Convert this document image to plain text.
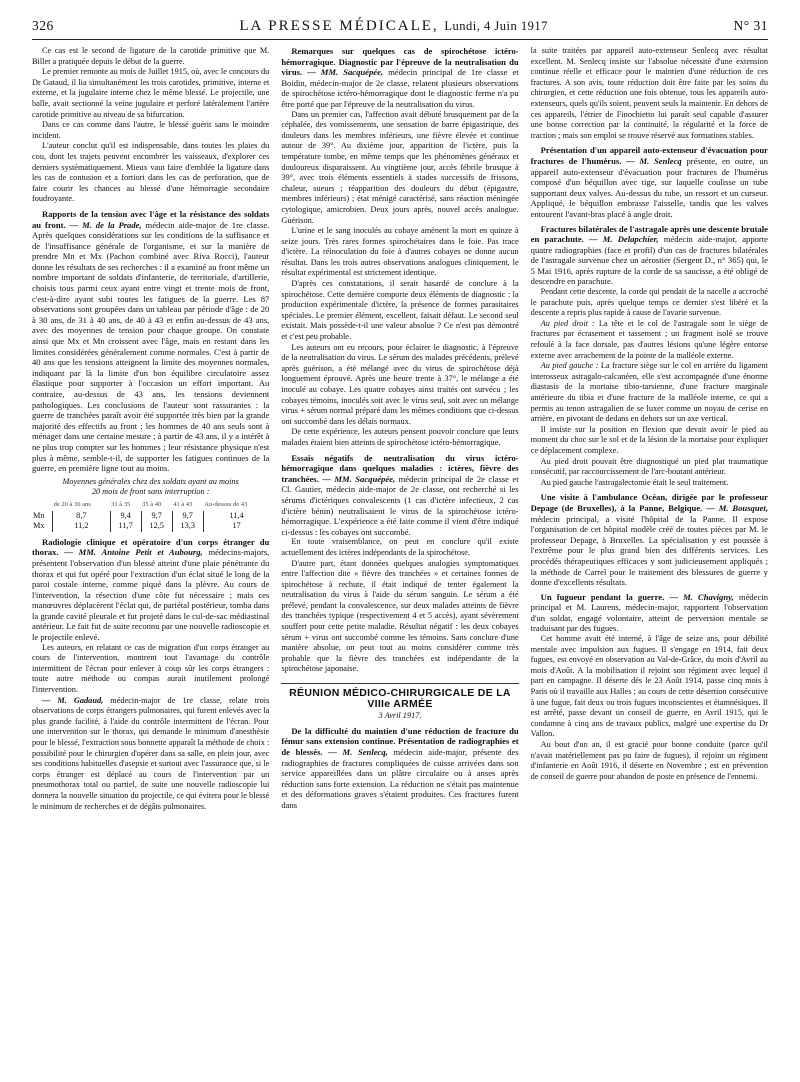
326	LA PRESSE MÉDICALE, Lundi, 4 Juin 1917	N° 31

Ce cas est le second de ligature de la carotide primitive que M. Billet a pratiquée depuis le début de la guerre.

Le premier remonte au mois de Juillet 1915, où, avec le concours du Dr Gataud, il lia simultanément les trois carotides, primitive, interne et externe, et la jugulaire interne chez le même blessé. Le projectile, une balle, avait sectionné la veine jugulaire et perforé latéralement l'artère carotide primitive au niveau de sa bifurcation.

Dans ce cas comme dans l'autre, le blessé guérit sans le moindre incident.

L'auteur conclut qu'il est indispensable, dans toutes les plaies du cou, dont les trajets peuvent encombrer les vaisseaux, d'explorer ces derniers systématiquement. Mieux vaut faire d'emblée la ligature dans les cas de contusion et a fortiori dans les cas de perforation, que de faire courir les chances au blessé d'une hémorragie secondaire foudroyante.

Rapports de la tension avec l'âge et la résistance des soldats au front. — M. de la Prade, médecin aide-major de 1re classe. Après quelques considérations sur les conditions de la suffisance et de l'insuffisance générale de l'organisme, et sur la manière de prendre Mn et Mx (Pachon combiné avec Riva Rocci), l'auteur donne les résultats de ses recherches : il a examiné au front même un nombre important de soldats d'infanterie, de territoriale, d'artillerie, choisis tous parmi ceux ayant entre vingt et trente mois de front, c'est-à-dire ayant subi toutes les fatigues de la guerre. Les 87 observations sont groupées dans un tableau par période d'âge : de 20 à 30 ans, de 31 à 40 ans, de 40 à 43 et enfin au-dessus de 43 ans, avec des moyennes de tension pour chaque groupe. On constate ainsi que Mx et Mn croissent avec l'âge, mais en restant dans les limites considérées généralement comme normales. C'est à partir de 40 ans que les tensions atteignent la limite des moyennes normales, indiquant par là la limite d'un bon équilibre circulatoire assez élastique pour supporter à l'occasion un effort important. Au contraire, au-dessus de 43 ans, les tensions deviennent pathologiques. Les conclusions de l'auteur sont rassurantes : la guerre de tranchées paraît avoir été supportée très bien par la grande majorité des effectifs au front ; les hommes de 40 ans seuls sont à ménager dans une certaine mesure ; à partir de 43 ans, il y a intérêt à ne plus trop compter sur les hommes ; leur résistance physique n'est plus à même, semble-t-il, de supporter les fatigues continues de la guerre, en première ligne tout au moins.
Moyennes générales chez des soldats ayant au moins
20 mois de front sans interruption :
	de 20 à 30 ans	31 à 35	35 à 40	41 à 43	Au-dessus de 43
Mn	8,7	9,4	9,7	9,7	11,4
Mx	11,2	11,7	12,5	13,3	17
Radiologie clinique et opératoire d'un corps étranger du thorax. — MM. Antoine Petit et Aubourg, médecins-majors, présentent l'observation d'un blessé atteint d'une plaie pénétrante du thorax et qui fut opéré pour l'extraction d'un éclat situé le long de la paroi costale interne, comme piqué dans la plèvre. Au cours de l'intervention, la résection d'une côte fut nécessaire ; mais ces manœuvres déplacèrent l'éclat qui, de pariétal postérieur, tomba dans la grande cavité pleurale et fut projeté dans le cul-de-sac médiastinal antérieur. Le fait fut de suite reconnu par une nouvelle radioscopie et le projectile enlevé.

Les auteurs, en relatant ce cas de migration d'un corps étranger au cours de l'intervention, montrent tout l'avantage du contrôle intermittent de l'écran pour enlever à coup sûr les corps étrangers : toute autre méthode ou compas aurait inutilement prolongé l'intervention.

— M. Gadaud, médecin-major de 1re classe, relate trois observations de corps étrangers pulmonaires, qui furent enlevés avec la plus grande facilité, à l'aide du contrôle intermittent de l'écran. Pour une intervention sur le thorax, qui demande le minimum d'anesthésie pour le blessé, l'extraction sous bonnette apparaît la méthode de choix : possibilité pour le chirurgien d'opérer dans sa salle, en plein jour, avec ses conditions habituelles d'asepsie et surtout avec l'assurance que, si le corps étranger est déplacé au cours de l'intervention par un pneumothorax total ou partiel, de suite une nouvelle radioscopie lui donnera la nouvelle situation du projectile, ce qui évitera pour le blessé le minimum de recherches et de dégâts pulmonaires.

Remarques sur quelques cas de spirochétose ictéro-hémorragique. Diagnostic par l'épreuve de la neutralisation du virus. — MM. Sacquépée, médecin principal de 1re classe et Boidin, médecin-major de 2e classe, relatent plusieurs observations de spirochétose ictéro-hémorragique dont le diagnostic ferme n'a pu être porté que par l'épreuve de la neutralisation du virus.

Dans un premier cas, l'affection avait débuté brusquement par de la céphalée, des vomissements, une sensation de barre épigastrique, des douleurs dans les membres inférieurs, une fièvre élevée et continue autour de 39°. Au dixième jour, apparition de l'ictère, puis la température tombe, en même temps que les phénomènes généraux et douloureux disparaissent. Au vingtième jour, accès fébrile brusque à 39°, avec trois éléments essentiels à stades successifs de frissons, chaleur, sueurs ; réapparition des douleurs du début (épigastre, membres inférieurs) ; état ménigé caractérisé, sans réaction méningée cytologique, amicrobien. Deux jours après, nouvel accès analogue. Guérison.

L'urine et le sang inoculés au cobaye amènent la mort en quinze à seize jours. Très rares formes spirochétaires dans le foie. Pas trace d'ictère. La réinoculation du foie à d'autres cobayes ne donne aucun résultat. Dans les trois autres observations analogues cliniquement, le résultat expérimental est strictement identique.

D'après ces constatations, il serait hasardé de conclure à la spirochétose. Cette dernière comporte deux éléments de diagnostic : la production expérimentale d'ictère, la présence de formes parasitaires spéciales. Le premier élément, excellent, faisait défaut. Le second seul existait. Mais possède-t-il une valeur absolue ? Ce n'est pas démontré et c'est peu probable.

Les auteurs ont eu recours, pour éclairer le diagnostic, à l'épreuve de la neutralisation du virus. Le sérum des malades précédents, prélevé après guérison, a été mélangé avec du virus de spirochétose déjà longuement éprouvé. Après une heure trente à 37°, le mélange a été inoculé au cobaye. Les quatre cobayes ainsi traités ont survécu ; les cobayes témoins, inoculés soit avec le virus seul, soit avec un mélange virus + sérum normal préparé dans les mêmes conditions que ci-dessus ont succombé dans les délais normaux.

De cette expérience, les auteurs pensent pouvoir conclure que leurs malades étaient bien atteints de spirochétose ictéro-hémorragique.

Essais négatifs de neutralisation du virus ictéro-hémorragique dans quelques maladies : ictères, fièvre des tranchées. — MM. Sacquépée, médecin principal de 2e classe et Cl. Gautier, médecin aide-major de 2e classe, ont recherché si les sérums d'ictériques convalescents (1 cas d'ictère infectieux, 2 cas d'ictère bénin) neutralisaient le virus de la spirochétose ictéro-hémorragique. L'expérience a été faite comme il vient d'être indiqué ci-dessus : les cobayes ont succombé.

En toute vraisemblance, on peut en conclure qu'il existe actuellement des ictères indépendants de la spirochétose.

D'autre part, étant données quelques analogies symptomatiques entre l'affection dite « fièvre des tranchées » et certaines formes de spirochétose à rechute, il était indiqué de tenter également la neutralisation du virus à l'aide du sérum sanguin. Le sérum a été prélevé, pendant la convalescence, sur deux malades atteints de fièvre des tranchées typique (respectivement 4 et 5 accès), ayant sévèrement souffert pour cette petite maladie. Résultat négatif : les deux cobayes sérum + virus ont succombé comme les témoins. Sans conclure d'une manière absolue, on peut tout au moins considérer comme très probable que la fièvre des tranchées est indépendante de la spirochétose japonaise.

RÉUNION MÉDICO-CHIRURGICALE DE LA VIIIe ARMÉE
3 Avril 1917.
De la difficulté du maintien d'une réduction de fracture du fémur sans extension continue. Présentation de radiographies et de blessés. — M. Senlecq, médecin aide-major, présente des radiographies de fractures compliquées de cuisse arrivées dans son service appareillées dans un plâtre circulaire ou à anses après réduction sans forte extension. La réduction ne s'était pas maintenue et des déformations graves s'étaient produites. Ces fractures furent dans

la suite traitées par appareil auto-extenseur Senlecq avec résultat excellent. M. Senlecq insiste sur l'absolue nécessité d'une extension continue réelle et efficace pour le maintien d'une réduction de ces fractures. A son avis, toute réduction doit être faite par les soins du chirurgien, et cette réduction une fois obtenue, tous les appareils auto-extenseurs, quels qu'ils soient, peuvent seuls la maintenir. En dehors de ces appareils, l'étrier de Finochietto lui paraît seul capable d'assurer une bonne correction par la continuité, la régularité et la force de traction ; mais son emploi se trouve réservé aux formations stables.

Présentation d'un appareil auto-extenseur d'évacuation pour fractures de l'humérus. — M. Senlecq présente, en outre, un appareil auto-extenseur d'évacuation pour fractures de l'humérus composé d'un béquillon avec tige, sur laquelle coulisse un tube supportant deux valves. Au-dessus du tube, un ressort et un curseur. Appliqué, le béquillon embrasse l'aisselle, tandis que les valves entourent l'avant-bras placé à angle droit.
Fractures bilatérales de l'astragale après une descente brutale en parachute. — M. Delapchier, médecin aide-major, apporte quatre radiographies (face et profil) d'un cas de fractures bilatérales de l'astragale survenue chez un aérostier (Sergent D., n° 365) qui, le 5 Mai 1916, après rupture de la corde de sa saucisse, a été obligé de descendre en parachute.

Pendant cette descente, la corde qui pendait de la nacelle a accroché le parachute puis, après quelque temps ce dernier s'est libéré et la descente a repris plus rapide à cause de l'avarie survenue.

Au pied droit : La tête et le col de l'astragale sont le siège de fractures par écrasement et tassement ; un fragment isolé se trouve refoulé à la face dorsale, pas d'autres lésions qu'une légère entorse externe avec arrachement de la pointe de la malléole externe.

Au pied gauche : La fracture siège sur le col en arrière du ligament interosseux astragalo-calcanéen, elle s'est accompagnée d'une énorme diastasis de la mortaise tibio-tarsienne, d'une fracture marginale antérieure du tibia et d'une fracture de la malléole interne, ce qui a permis au tenon astragalien de se luxer comme un noyau de cerise en arrière, en pivotant de dedans en dehors sur un axe vertical.

Il insiste sur la position en flexion que devait avoir le pied au moment du choc sur le sol et de la lésion de la mortaise pour expliquer ce déplacement complexe.

Au pied droit pouvait être diagnostiqué un pied plat traumatique consécutif, par raccourcissement de l'arc-boutant antérieur.

Au pied gauche l'astragalectomie était le seul traitement.

Une visite à l'ambulance Océan, dirigée par le professeur Depage (de Bruxelles), à la Panne, Belgique. — M. Bousquet, médecin principal, a visité l'hôpital de la Panne. Il expose l'organisation de cet hôpital modèle créé de toutes pièces par M. le professeur Depage, à Bruxelles. La spécialisation y est poussée à l'extrême pour le plus grand bien des différents services. Les procédés thérapeutiques efficaces y sont judicieusement appliqués ; la méthode de Carrel pour le traitement des blessures de guerre y donne d'excellents résultats.
Un fugueur pendant la guerre. — M. Chavigny, médecin principal et M. Laurens, médecin-major, rapportent l'observation d'un soldat, engagé volontaire, atteint de perversion mentale se traduisant par des fugues.

Cet homme avait été interné, à l'âge de seize ans, pour débilité mentale avec impulsion aux fugues. Il s'engage en 1914, fait deux fugues, est envoyé en observation au Val-de-Grâce, du mois d'Avril au mois d'Août. A la mobilisation il rejoint son régiment avec lequel il part en campagne. Il déserte dès le 23 Août 1914, passe cinq mois à Paris où il travaille aux Halles ; au cours de cette désertion consécutive à une fugue, fait deux ou trois fugues inconscientes et étamnésiques. Il est arrêté, passe devant un conseil de guerre, en Avril 1915, qui le condamne à cinq ans de travaux publics, malgré une expertise du Dr Vallon.

Au bout d'un an, il est gracié pour bonne conduite (parce qu'il n'avait matériellement pas pu faire de fugues), il rejoint un régiment d'infanterie en Août 1916, il déserte en Novembre ; est en prévention de conseil de guerre pour abandon de poste en présence de l'ennemi.
